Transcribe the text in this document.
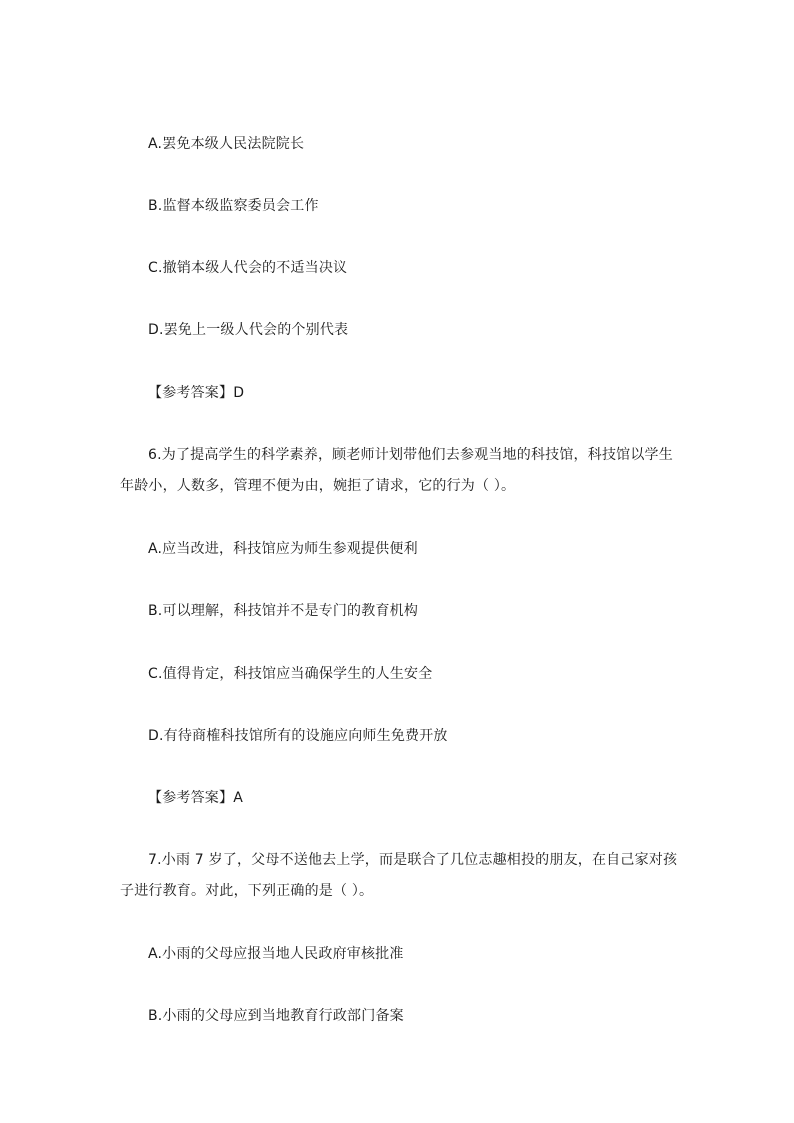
A.罢免本级人民法院院长
B.监督本级监察委员会工作
C.撤销本级人代会的不适当决议
D.罢免上一级人代会的个别代表
【参考答案】D
6.为了提高学生的科学素养，顾老师计划带他们去参观当地的科技馆，科技馆以学生
年龄小，人数多，管理不便为由，婉拒了请求，它的行为（ ）。
A.应当改进，科技馆应为师生参观提供便利
B.可以理解，科技馆并不是专门的教育机构
C.值得肯定，科技馆应当确保学生的人生安全
D.有待商榷科技馆所有的设施应向师生免费开放
【参考答案】A
7.小雨 7 岁了，父母不送他去上学，而是联合了几位志趣相投的朋友，在自己家对孩
子进行教育。对此，下列正确的是（ ）。
A.小雨的父母应报当地人民政府审核批准
B.小雨的父母应到当地教育行政部门备案
